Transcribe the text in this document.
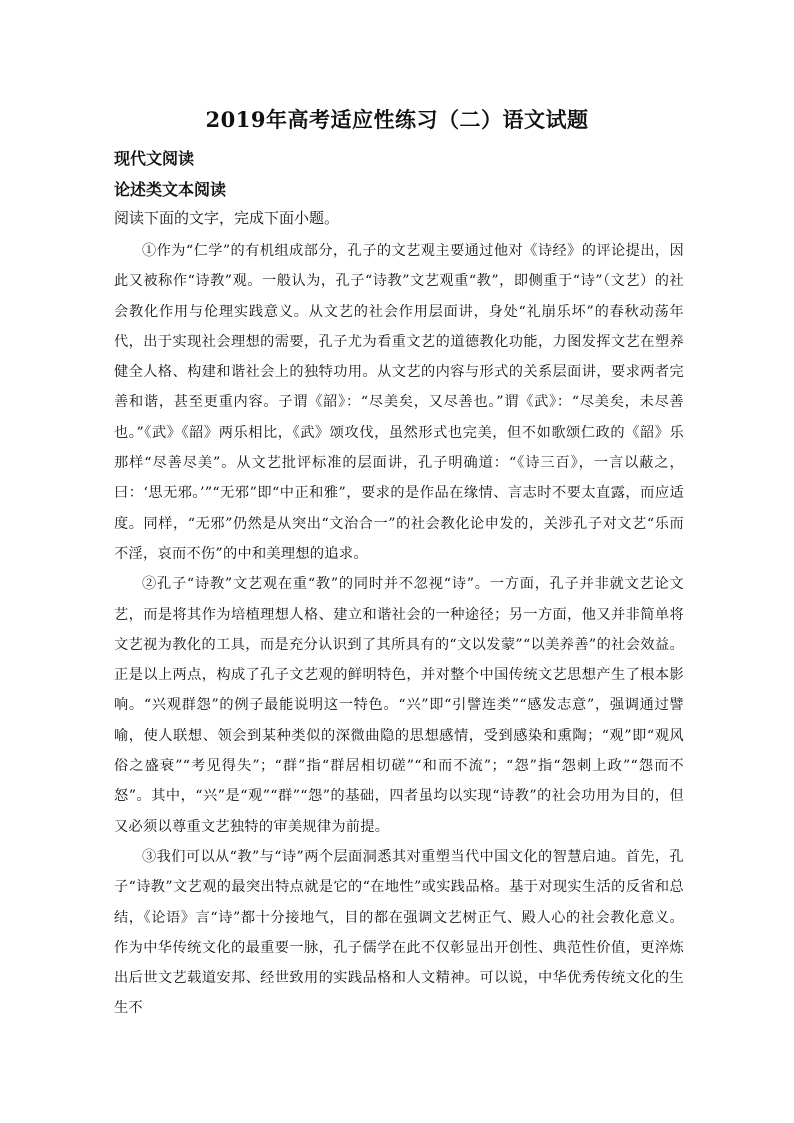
2019年高考适应性练习（二）语文试题
现代文阅读
论述类文本阅读
阅读下面的文字，完成下面小题。

①作为“仁学”的有机组成部分，孔子的文艺观主要通过他对《诗经》的评论提出，因此又被称作“诗教”观。一般认为，孔子“诗教”文艺观重“教”，即侧重于“诗”（文艺）的社会教化作用与伦理实践意义。从文艺的社会作用层面讲，身处“礼崩乐坏”的春秋动荡年代，出于实现社会理想的需要，孔子尤为看重文艺的道德教化功能，力图发挥文艺在塑养健全人格、构建和谐社会上的独特功用。从文艺的内容与形式的关系层面讲，要求两者完善和谐，甚至更重内容。子谓《韶》：“尽美矣，又尽善也。”谓《武》：“尽美矣，未尽善也。”《武》《韶》两乐相比，《武》颂攻伐，虽然形式也完美，但不如歌颂仁政的《韶》乐那样“尽善尽美”。从文艺批评标准的层面讲，孔子明确道：“《诗三百》，一言以蔽之，曰：‘思无邪。’”“无邪”即“中正和雅”，要求的是作品在缘情、言志时不要太直露，而应适度。同样，“无邪”仍然是从突出“文治合一”的社会教化论申发的，关涉孔子对文艺“乐而不淫，哀而不伤”的中和美理想的追求。

②孔子“诗教”文艺观在重“教”的同时并不忽视“诗”。一方面，孔子并非就文艺论文艺，而是将其作为培植理想人格、建立和谐社会的一种途径；另一方面，他又并非简单将文艺视为教化的工具，而是充分认识到了其所具有的“文以发蒙”“以美养善”的社会效益。正是以上两点，构成了孔子文艺观的鲜明特色，并对整个中国传统文艺思想产生了根本影响。“兴观群怨”的例子最能说明这一特色。“兴”即“引譬连类”“感发志意”，强调通过譬喻，使人联想、领会到某种类似的深微曲隐的思想感情，受到感染和熏陶；“观”即“观风俗之盛衰”“考见得失”；“群”指“群居相切磋”“和而不流”；“怨”指“怨刺上政”“怨而不怒”。其中，“兴”是“观”“群”“怨”的基础，四者虽均以实现“诗教”的社会功用为目的，但又必须以尊重文艺独特的审美规律为前提。

③我们可以从“教”与“诗”两个层面洞悉其对重塑当代中国文化的智慧启迪。首先，孔子“诗教”文艺观的最突出特点就是它的“在地性”或实践品格。基于对现实生活的反省和总结，《论语》言“诗”都十分接地气，目的都在强调文艺树正气、殿人心的社会教化意义。作为中华传统文化的最重要一脉，孔子儒学在此不仅彰显出开创性、典范性价值，更淬炼出后世文艺载道安邦、经世致用的实践品格和人文精神。可以说，中华优秀传统文化的生生不
